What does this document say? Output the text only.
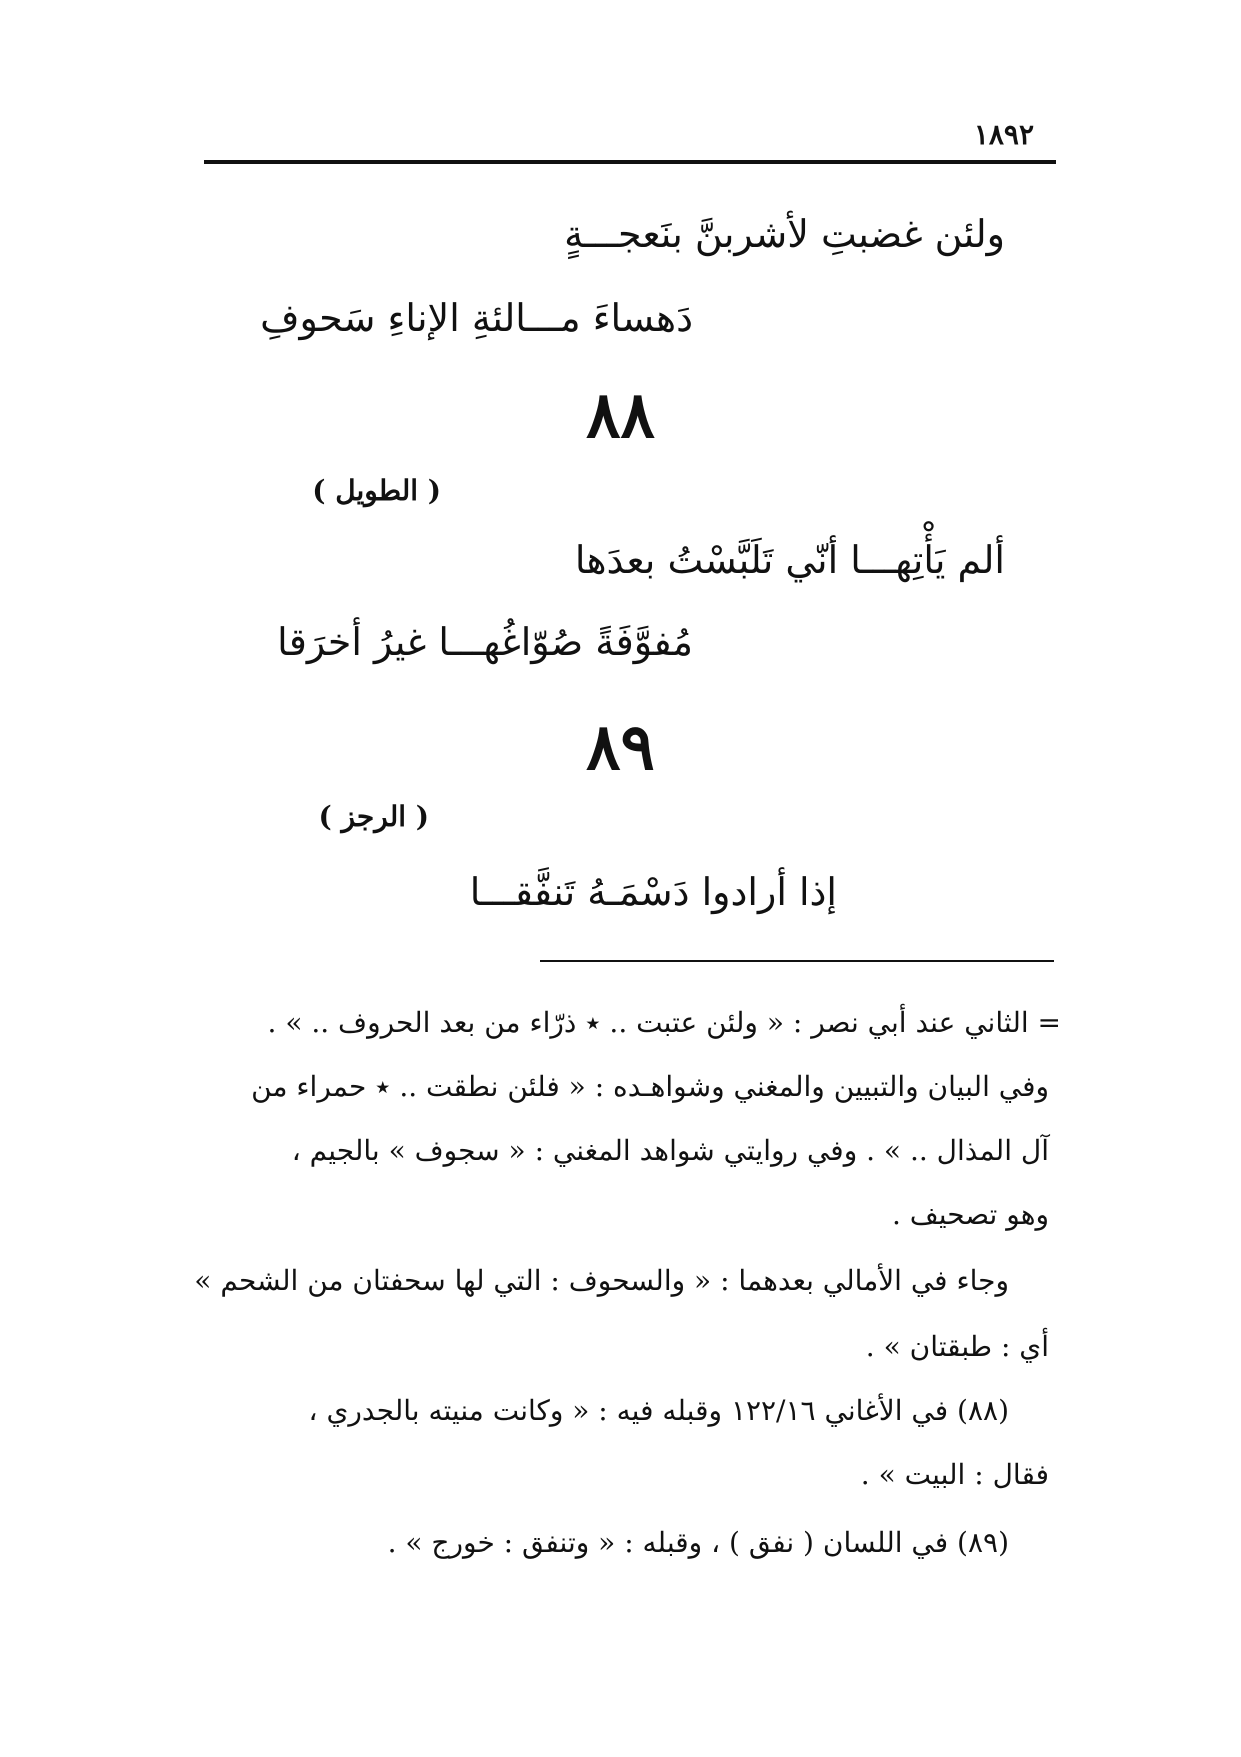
١٨٩٢
ولئن غضبتِ لأشربنَّ بنَعجـــةٍ
دَهساءَ مـــالئةِ الإناءِ سَحوفِ
٨٨
( الطويل )
ألم يَأْتِهـــا أنّي تَلَبَّسْتُ بعدَها
مُفوَّفَةً صُوّاغُهـــا غيرُ أخرَقا
٨٩
( الرجز )
إذا أرادوا دَسْمَـهُ تَنفَّقـــا
= الثاني عند أبي نصر : « ولئن عتبت .. ٭ ذرّاء من بعد الحروف .. » .
وفي البيان والتبيين والمغني وشواهـده : « فلئن نطقت .. ٭ حمراء من
آل المذال .. » . وفي روايتي شواهد المغني : « سجوف » بالجيم ،
وهو تصحيف .
وجاء في الأمالي بعدهما : « والسحوف : التي لها سحفتان من الشحم »
أي : طبقتان » .
(٨٨) في الأغاني ١٢٢/١٦ وقبله فيه : « وكانت منيته بالجدري ،
فقال : البيت » .
(٨٩) في اللسان ( نفق ) ، وقبله : « وتنفق : خورج » .
